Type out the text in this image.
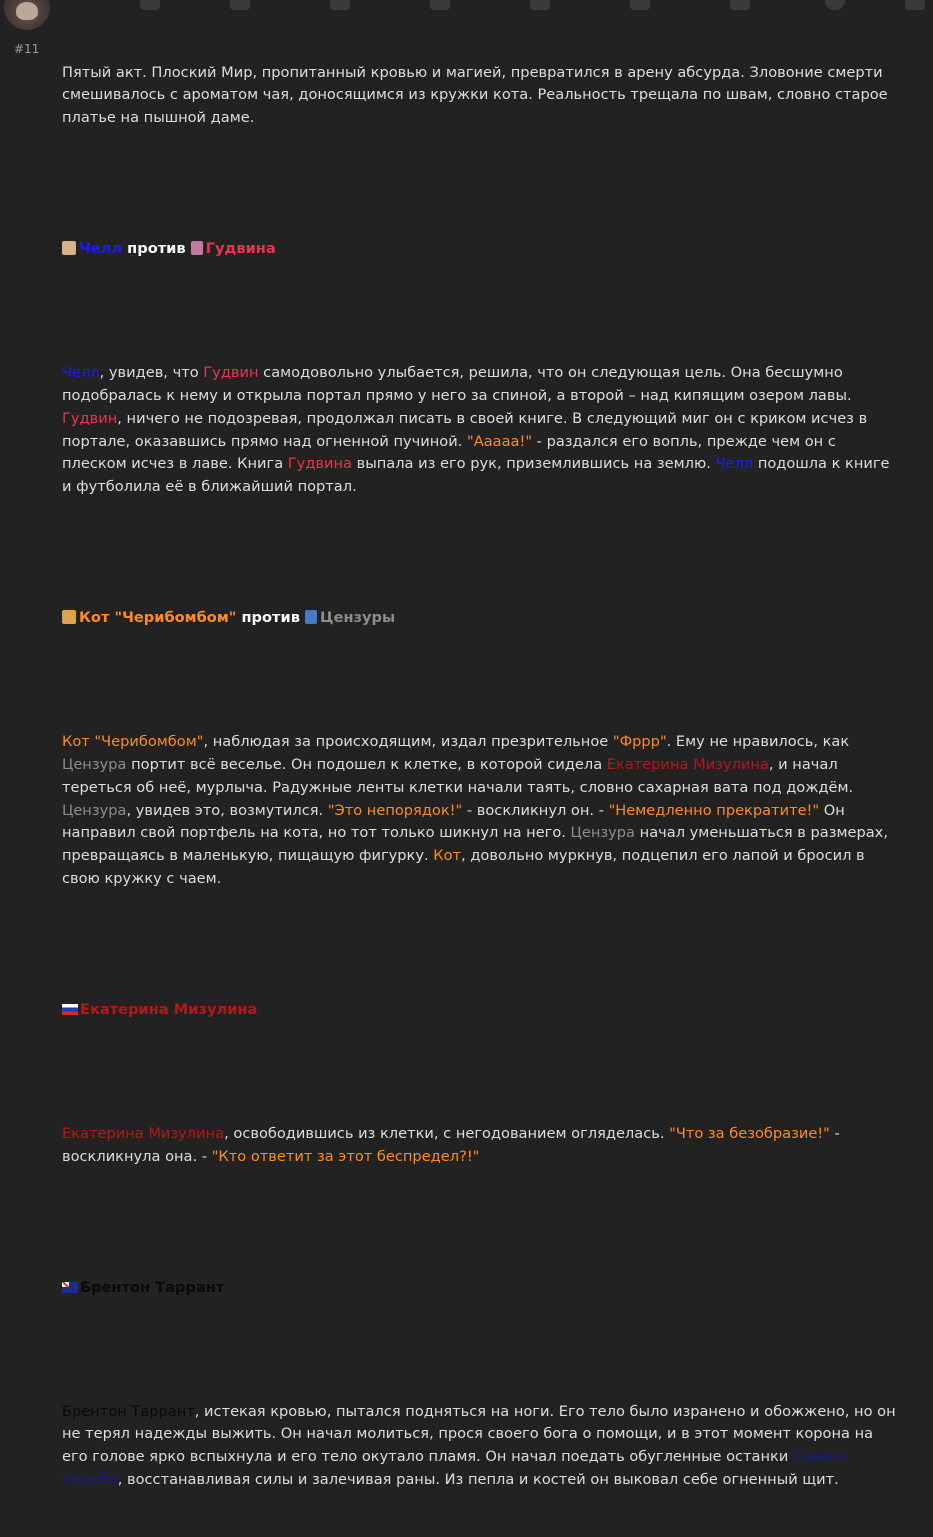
#11

Пятый акт. Плоский Мир, пропитанный кровью и магией, превратился в арену абсурда. Зловоние смерти смешивалось с ароматом чая, доносящимся из кружки кота. Реальность трещала по швам, словно старое платье на пышной даме.

Челл против Гудвина

Челл, увидев, что Гудвин самодовольно улыбается, решила, что он следующая цель. Она бесшумно подобралась к нему и открыла портал прямо у него за спиной, а второй – над кипящим озером лавы. Гудвин, ничего не подозревая, продолжал писать в своей книге. В следующий миг он с криком исчез в портале, оказавшись прямо над огненной пучиной. "Ааааа!" - раздался его вопль, прежде чем он с плеском исчез в лаве. Книга Гудвина выпала из его рук, приземлившись на землю. Челл подошла к книге и футболила её в ближайший портал.

Кот "Черибомбом" против Цензуры

Кот "Черибомбом", наблюдая за происходящим, издал презрительное "Фррр". Ему не нравилось, как Цензура портит всё веселье. Он подошел к клетке, в которой сидела Екатерина Мизулина, и начал тереться об неё, мурлыча. Радужные ленты клетки начали таять, словно сахарная вата под дождём. Цензура, увидев это, возмутился. "Это непорядок!" - воскликнул он. - "Немедленно прекратите!" Он направил свой портфель на кота, но тот только шикнул на него. Цензура начал уменьшаться в размерах, превращаясь в маленькую, пищащую фигурку. Кот, довольно муркнув, подцепил его лапой и бросил в свою кружку с чаем.

Екатерина Мизулина

Екатерина Мизулина, освободившись из клетки, с негодованием огляделась. "Что за безобразие!" - воскликнула она. - "Кто ответит за этот беспредел?!"

Брентон Таррант

Брентон Таррант, истекая кровью, пытался подняться на ноги. Его тело было изранено и обожжено, но он не терял надежды выжить. Он начал молиться, прося своего бога о помощи, и в этот момент корона на его голове ярко вспыхнула и его тело окутало пламя. Он начал поедать обугленные останки Синего Черепа, восстанавливая силы и залечивая раны. Из пепла и костей он выковал себе огненный щит.
